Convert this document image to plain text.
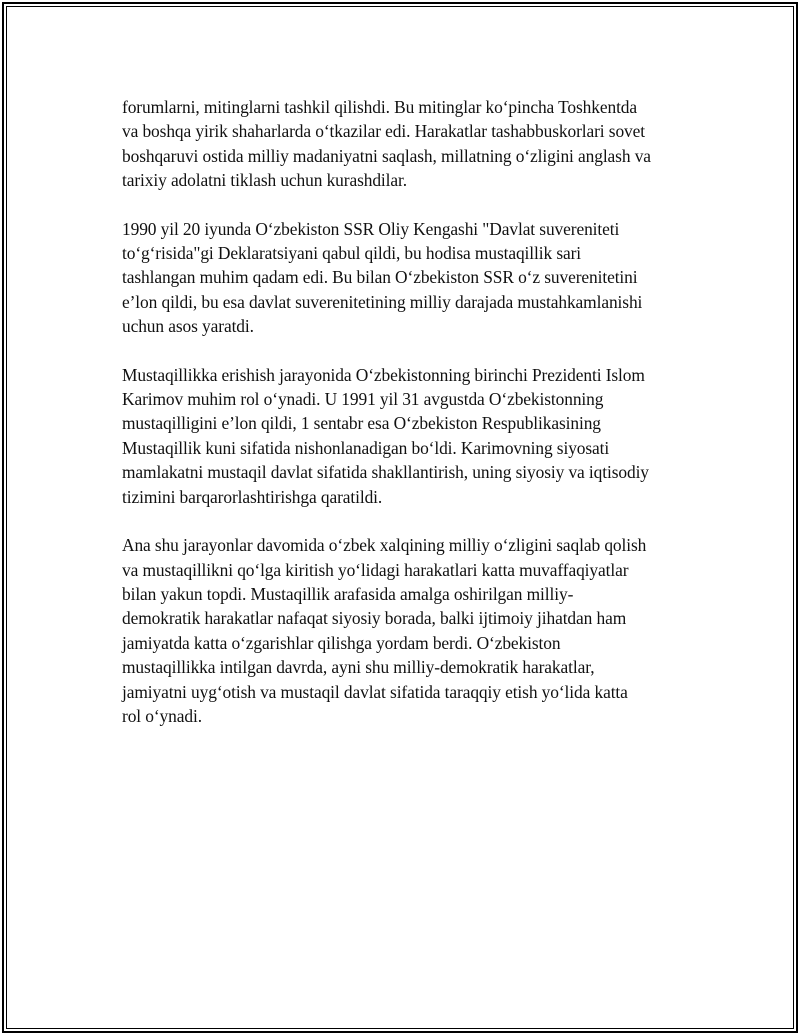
forumlarni, mitinglarni tashkil qilishdi. Bu mitinglar ko‘pincha Toshkentda
va boshqa yirik shaharlarda o‘tkazilar edi. Harakatlar tashabbuskorlari sovet
boshqaruvi ostida milliy madaniyatni saqlash, millatning o‘zligini anglash va
tarixiy adolatni tiklash uchun kurashdilar.

1990 yil 20 iyunda O‘zbekiston SSR Oliy Kengashi "Davlat suvereniteti
to‘g‘risida"gi Deklaratsiyani qabul qildi, bu hodisa mustaqillik sari
tashlangan muhim qadam edi. Bu bilan O‘zbekiston SSR o‘z suverenitetini
e’lon qildi, bu esa davlat suverenitetining milliy darajada mustahkamlanishi
uchun asos yaratdi.

Mustaqillikka erishish jarayonida O‘zbekistonning birinchi Prezidenti Islom
Karimov muhim rol o‘ynadi. U 1991 yil 31 avgustda O‘zbekistonning
mustaqilligini e’lon qildi, 1 sentabr esa O‘zbekiston Respublikasining
Mustaqillik kuni sifatida nishonlanadigan bo‘ldi. Karimovning siyosati
mamlakatni mustaqil davlat sifatida shakllantirish, uning siyosiy va iqtisodiy
tizimini barqarorlashtirishga qaratildi.

Ana shu jarayonlar davomida o‘zbek xalqining milliy o‘zligini saqlab qolish
va mustaqillikni qo‘lga kiritish yo‘lidagi harakatlari katta muvaffaqiyatlar
bilan yakun topdi. Mustaqillik arafasida amalga oshirilgan milliy-
demokratik harakatlar nafaqat siyosiy borada, balki ijtimoiy jihatdan ham
jamiyatda katta o‘zgarishlar qilishga yordam berdi. O‘zbekiston
mustaqillikka intilgan davrda, ayni shu milliy-demokratik harakatlar,
jamiyatni uyg‘otish va mustaqil davlat sifatida taraqqiy etish yo‘lida katta
rol o‘ynadi.
